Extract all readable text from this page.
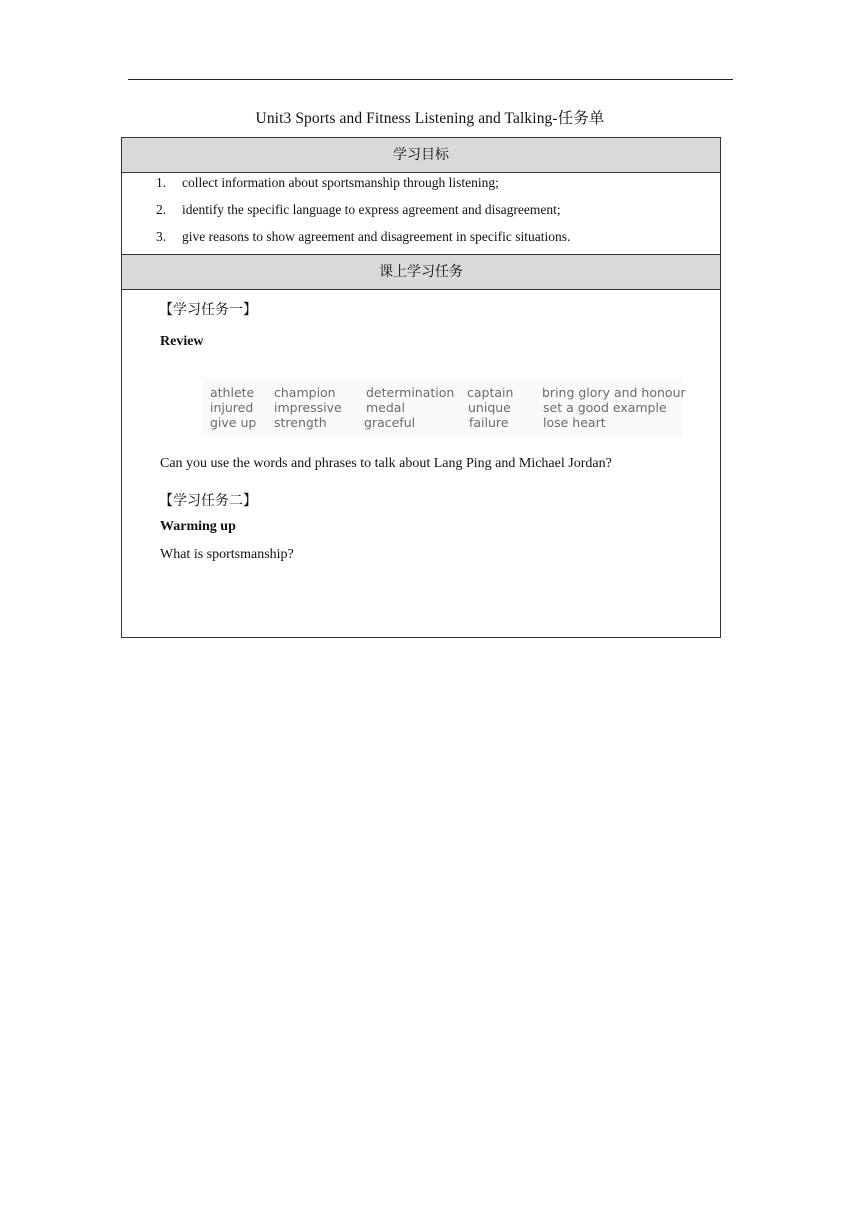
Unit3 Sports and Fitness Listening and Talking-任务单
学习目标
1. collect information about sportsmanship through listening;
2. identify the specific language to express agreement and disagreement;
3. give reasons to show agreement and disagreement in specific situations.
课上学习任务
【学习任务一】
Review
athlete
injured
give up
champion
impressive
strength
determination
medal
graceful
captain
unique
failure
bring glory and honour
set a good example
lose heart
Can you use the words and phrases to talk about Lang Ping and Michael Jordan?
【学习任务二】
Warming up
What is sportsmanship?
